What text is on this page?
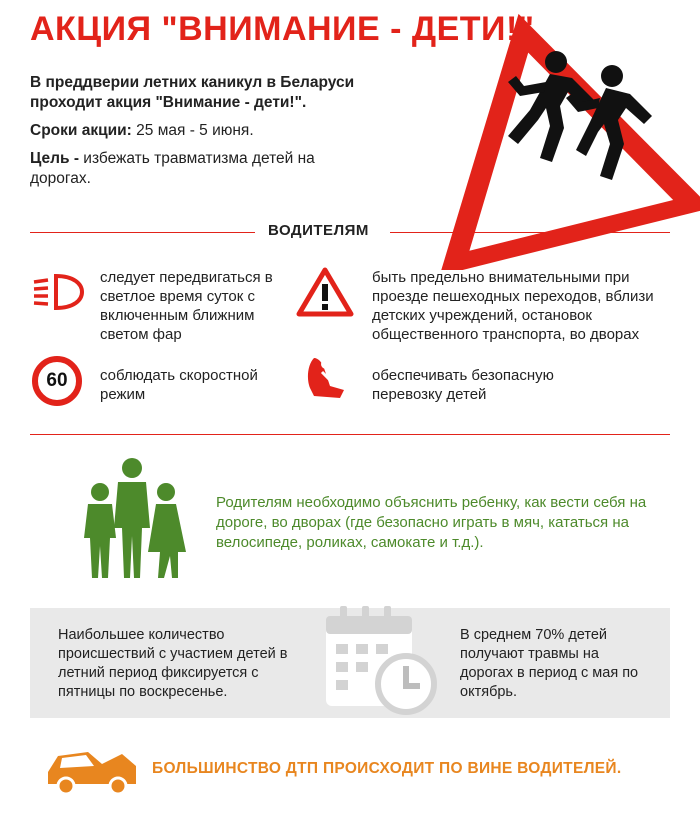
АКЦИЯ "ВНИМАНИЕ - ДЕТИ!"

В преддверии летних каникул в Беларуси проходит акция "Внимание - дети!".

Сроки акции: 25 мая - 5 июня.

Цель - избежать травматизма детей на дорогах.

ВОДИТЕЛЯМ
следует передвигаться в светлое время суток с включенным ближним светом фар
быть предельно внимательными при проезде пешеходных переходов, вблизи детских учреждений, остановок общественного транспорта, во дворах
60	соблюдать скоростной режим
обеспечивать безопасную перевозку детей
Родителям необходимо объяснить ребенку, как вести себя на дороге, во дворах (где безопасно играть в мяч, кататься на велосипеде, роликах, самокате и т.д.).
Наибольшее количество происшествий с участием детей в летний период фиксируется с пятницы по воскресенье.
В среднем 70% детей получают травмы на дорогах в период с мая по октябрь.
БОЛЬШИНСТВО ДТП ПРОИСХОДИТ ПО ВИНЕ ВОДИТЕЛЕЙ.
